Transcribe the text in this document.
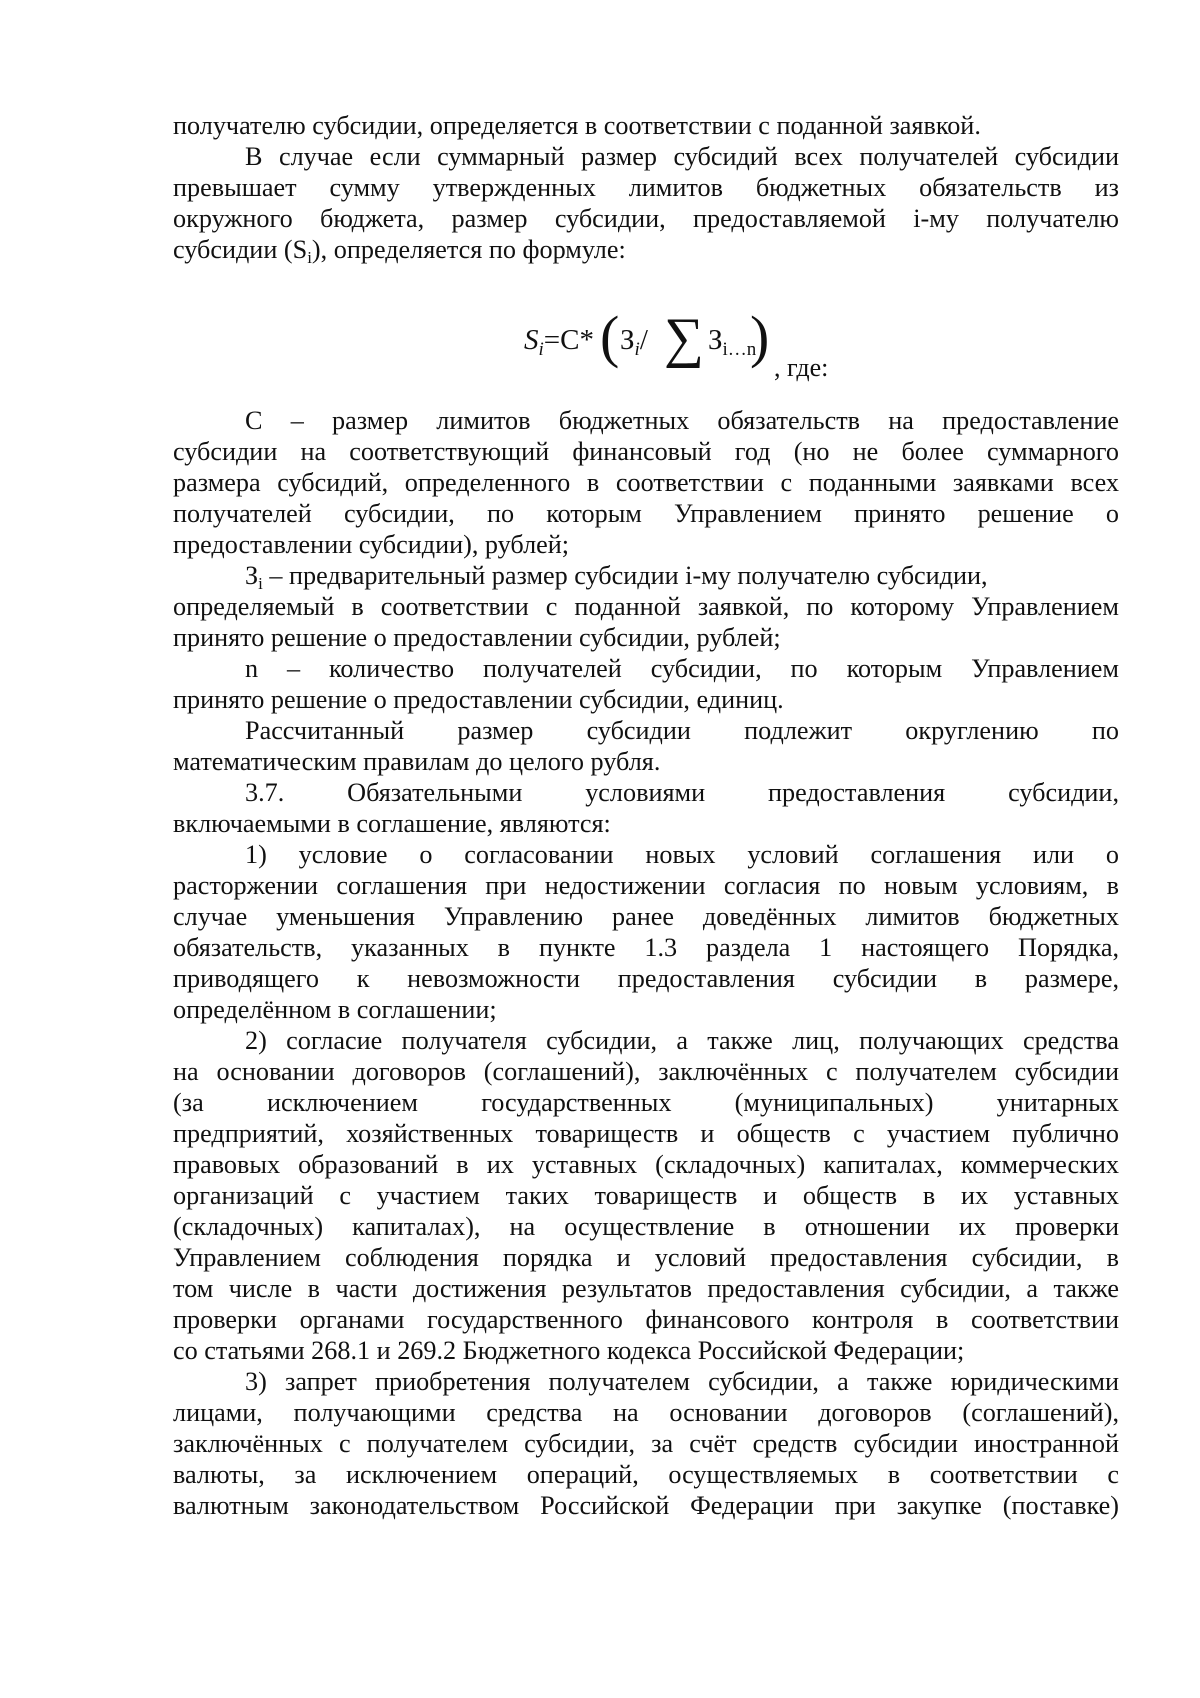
получателю субсидии, определяется в соответствии с поданной заявкой.
В случае если суммарный размер субсидий всех получателей субсидии
превышает сумму утвержденных лимитов бюджетных обязательств из
окружного бюджета, размер субсидии, предоставляемой i-му получателю
субсидии $(S_i)$, определяется по формуле:
$S_i=С*$ ( $З_i/$ ∑ $З_{i\dots n}$
) , где:
С – размер лимитов бюджетных обязательств на предоставление
субсидии на соответствующий финансовый год (но не более суммарного
размера субсидий, определенного в соответствии с поданными заявками всех
получателей субсидии, по которым Управлением принято решение о
предоставлении субсидии), рублей;
$З_i$ – предварительный размер субсидии i-му получателю субсидии,
определяемый в соответствии с поданной заявкой, по которому Управлением
принято решение о предоставлении субсидии, рублей;
n – количество получателей субсидии, по которым Управлением
принято решение о предоставлении субсидии, единиц.
Рассчитанный размер субсидии подлежит округлению по
математическим правилам до целого рубля.
3.7. Обязательными условиями предоставления субсидии,
включаемыми в соглашение, являются:
1) условие о согласовании новых условий соглашения или о
расторжении соглашения при недостижении согласия по новым условиям, в
случае уменьшения Управлению ранее доведённых лимитов бюджетных
обязательств, указанных в пункте 1.3 раздела 1 настоящего Порядка,
приводящего к невозможности предоставления субсидии в размере,
определённом в соглашении;
2) согласие получателя субсидии, а также лиц, получающих средства
на основании договоров (соглашений), заключённых с получателем субсидии
(за исключением государственных (муниципальных) унитарных
предприятий, хозяйственных товариществ и обществ с участием публично
правовых образований в их уставных (складочных) капиталах, коммерческих
организаций с участием таких товариществ и обществ в их уставных
(складочных) капиталах), на осуществление в отношении их проверки
Управлением соблюдения порядка и условий предоставления субсидии, в
том числе в части достижения результатов предоставления субсидии, а также
проверки органами государственного финансового контроля в соответствии
со статьями 268.1 и 269.2 Бюджетного кодекса Российской Федерации;
3) запрет приобретения получателем субсидии, а также юридическими
лицами, получающими средства на основании договоров (соглашений),
заключённых с получателем субсидии, за счёт средств субсидии иностранной
валюты, за исключением операций, осуществляемых в соответствии с
валютным законодательством Российской Федерации при закупке (поставке)
